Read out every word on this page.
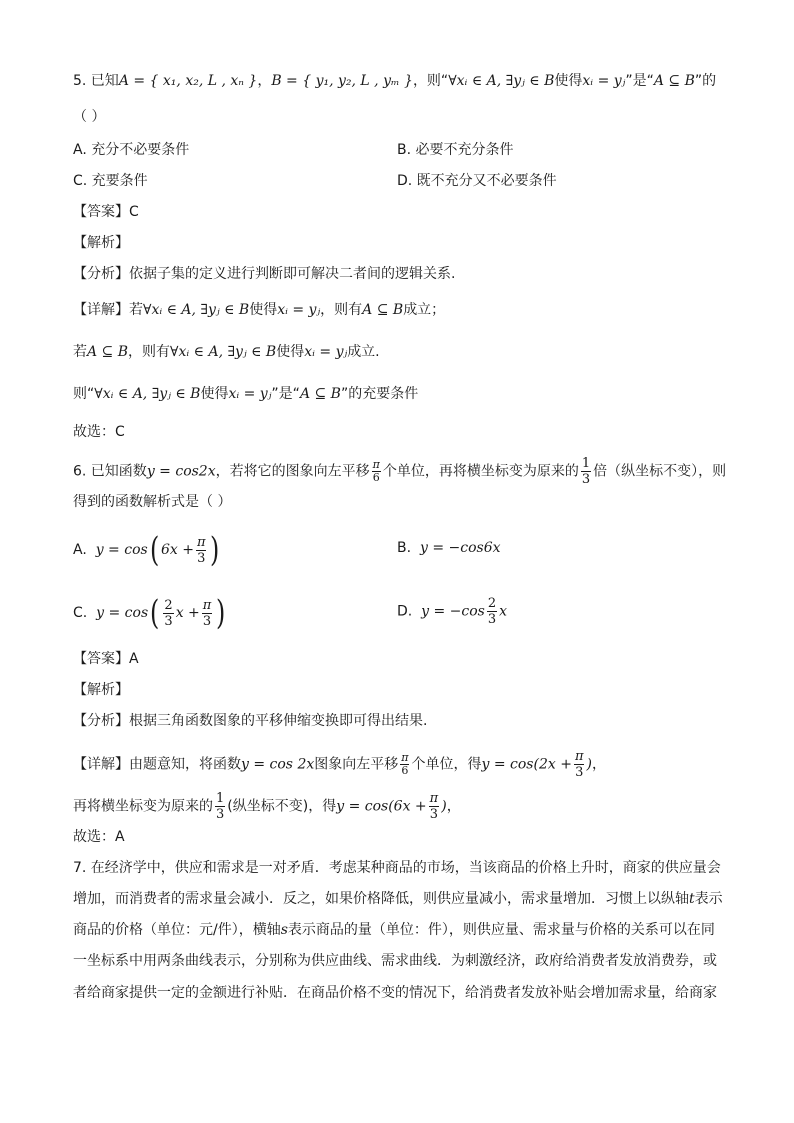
5. 已知A = { x₁, x₂, L , xₙ }，B = { y₁, y₂, L , yₘ }，则“∀xᵢ ∈ A, ∃yⱼ ∈ B使得xᵢ = yⱼ”是“A ⊆ B”的
（ ）
A. 充分不必要条件	B. 必要不充分条件
C. 充要条件	D. 既不充分又不必要条件
【答案】C
【解析】
【分析】依据子集的定义进行判断即可解决二者间的逻辑关系.
【详解】若∀xᵢ ∈ A, ∃yⱼ ∈ B使得xᵢ = yⱼ，则有A ⊆ B成立；
若A ⊆ B，则有∀xᵢ ∈ A, ∃yⱼ ∈ B使得xᵢ = yⱼ成立.
则“∀xᵢ ∈ A, ∃yⱼ ∈ B使得xᵢ = yⱼ”是“A ⊆ B”的充要条件
故选：C
6. 已知函数y = cos2x，若将它的图象向左平移 $\frac{\pi}{6}$ 个单位，再将横坐标变为原来的 $\frac{1}{3}$ 倍（纵坐标不变），则
得到的函数解析式是（ ）
A. y = cos( $6x + \frac{\pi}{3}$ )	B. y = −cos6x
C. $y = \cos( \frac{2}{3}$ $x + \frac{\pi}{3}$ )	D. $y = -\cos \frac{2}{3}$ x
【答案】A
【解析】
【分析】根据三角函数图象的平移伸缩变换即可得出结果.
【详解】由题意知，将函数y = cos 2x图象向左平移 $\frac{\pi}{6}$ 个单位，得$y = \cos(2x + \frac{\pi}{3}$ )，
再将横坐标变为原来的 $\frac{1}{3}$ (纵坐标不变)，得$y = \cos(6x + \frac{\pi}{3}$ )，
故选：A
7. 在经济学中，供应和需求是一对矛盾．考虑某种商品的市场，当该商品的价格上升时，商家的供应量会
增加，而消费者的需求量会减小．反之，如果价格降低，则供应量减小，需求量增加．习惯上以纵轴t表示
商品的价格（单位：元/件），横轴s表示商品的量（单位：件），则供应量、需求量与价格的关系可以在同
一坐标系中用两条曲线表示，分别称为供应曲线、需求曲线．为刺激经济，政府给消费者发放消费券，或
者给商家提供一定的金额进行补贴．在商品价格不变的情况下，给消费者发放补贴会增加需求量，给商家
